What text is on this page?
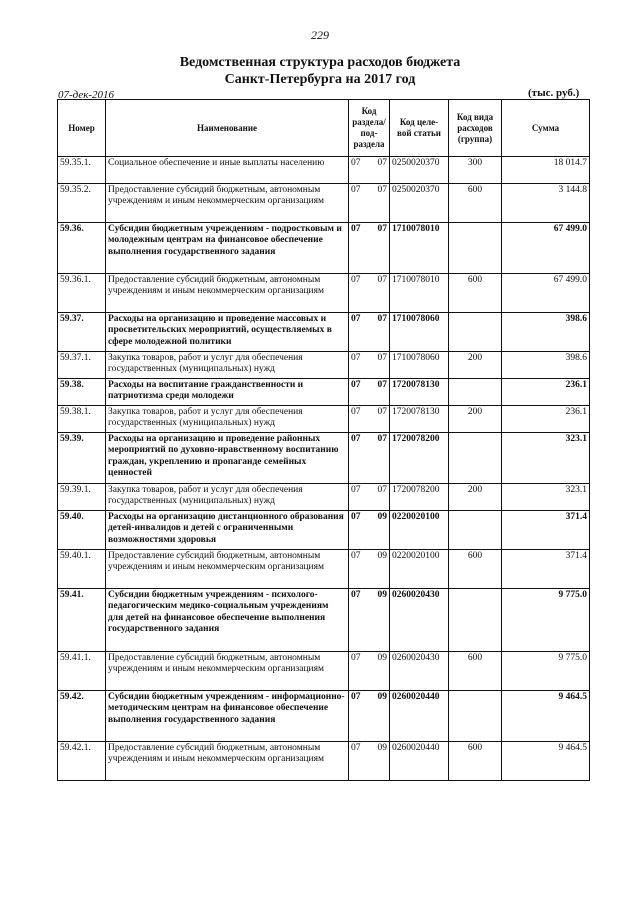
229
Ведомственная структура расходов бюджета
Санкт-Петербурга на 2017 год
07-дек-2016	(тыс. руб.)
Номер	Наименование	Код раздела/ под- раздела	Код целе- вой статьи	Код вида расходов (группа)	Сумма
59.35.1.	Социальное обеспечение и иные выплаты населению	07 07	0250020370	300	18 014.7
59.35.2.	Предоставление субсидий бюджетным, автономным учреждениям и иным некоммерческим организациям	07 07	0250020370	600	3 144.8
59.36.	Субсидии бюджетным учреждениям - подростковым и молодежным центрам на финансовое обеспечение выполнения государственного задания	07 07	1710078010		67 499.0
59.36.1.	Предоставление субсидий бюджетным, автономным учреждениям и иным некоммерческим организациям	07 07	1710078010	600	67 499.0
59.37.	Расходы на организацию и проведение массовых и просветительских мероприятий, осуществляемых в сфере молодежной политики	07 07	1710078060		398.6
59.37.1.	Закупка товаров, работ и услуг для обеспечения государственных (муниципальных) нужд	07 07	1710078060	200	398.6
59.38.	Расходы на воспитание гражданственности и патриотизма среди молодежи	07 07	1720078130		236.1
59.38.1.	Закупка товаров, работ и услуг для обеспечения государственных (муниципальных) нужд	07 07	1720078130	200	236.1
59.39.	Расходы на организацию и проведение районных мероприятий по духовно-нравственному воспитанию граждан, укреплению и пропаганде семейных ценностей	07 07	1720078200		323.1
59.39.1.	Закупка товаров, работ и услуг для обеспечения государственных (муниципальных) нужд	07 07	1720078200	200	323.1
59.40.	Расходы на организацию дистанционного образования детей-инвалидов и детей с ограниченными возможностями здоровья	07 09	0220020100		371.4
59.40.1.	Предоставление субсидий бюджетным, автономным учреждениям и иным некоммерческим организациям	07 09	0220020100	600	371.4
59.41.	Субсидии бюджетным учреждениям - психолого-педагогическим медико-социальным учреждениям для детей на финансовое обеспечение выполнения государственного задания	07 09	0260020430		9 775.0
59.41.1.	Предоставление субсидий бюджетным, автономным учреждениям и иным некоммерческим организациям	07 09	0260020430	600	9 775.0
59.42.	Субсидии бюджетным учреждениям - информационно-методическим центрам на финансовое обеспечение выполнения государственного задания	07 09	0260020440		9 464.5
59.42.1.	Предоставление субсидий бюджетным, автономным учреждениям и иным некоммерческим организациям	07 09	0260020440	600	9 464.5
